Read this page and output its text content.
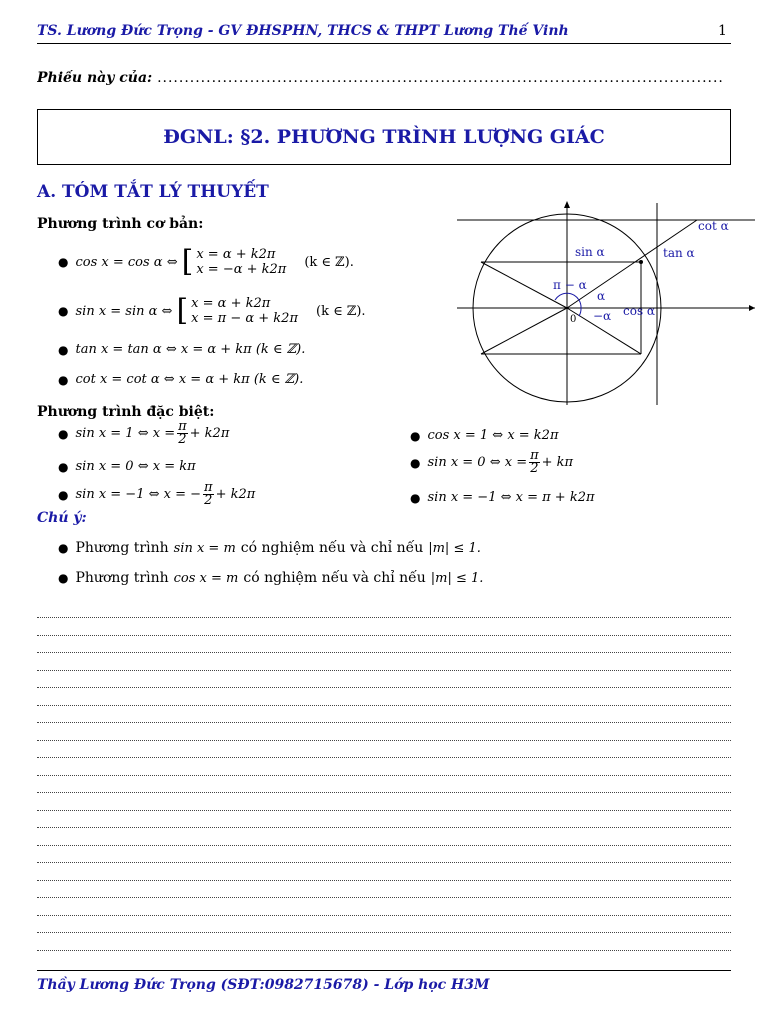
TS. Lương Đức Trọng - GV ĐHSPHN, THCS & THPT Lương Thế Vinh	1
Phiếu này của: ........................................................................................................
ĐGNL: §2. PHƯƠNG TRÌNH LƯỢNG GIÁC
A. TÓM TẮT LÝ THUYẾT
Phương trình cơ bản:
● cos x = cos α ⇔ [ x = α + k2π
x = −α + k2π (k ∈ ℤ).
● sin x = sin α ⇔ [ x = α + k2π
x = π − α + k2π (k ∈ ℤ).
● tan x = tan α ⇔ x = α + kπ (k ∈ ℤ).
● cot x = cot α ⇔ x = α + kπ (k ∈ ℤ).
cot α
tan α
sin α
cos α
π − α
α
−α
0
Phương trình đặc biệt:
● sin x = 1 ⇔ $x = \frac{\pi}{2} + k2\pi$
● sin x = 0 ⇔ x = kπ
● sin x = −1 ⇔ x = − $\frac{\pi}{2} + k2\pi$
● cos x = 1 ⇔ x = k2π
● sin x = 0 ⇔ $x = \frac{\pi}{2} + k\pi$
● sin x = −1 ⇔ x = π + k2π
Chú ý:
● Phương trình sin x = m có nghiệm nếu và chỉ nếu |m| ≤ 1.
● Phương trình cos x = m có nghiệm nếu và chỉ nếu |m| ≤ 1.
Thầy Lương Đức Trọng (SĐT:0982715678) - Lớp học H3M
